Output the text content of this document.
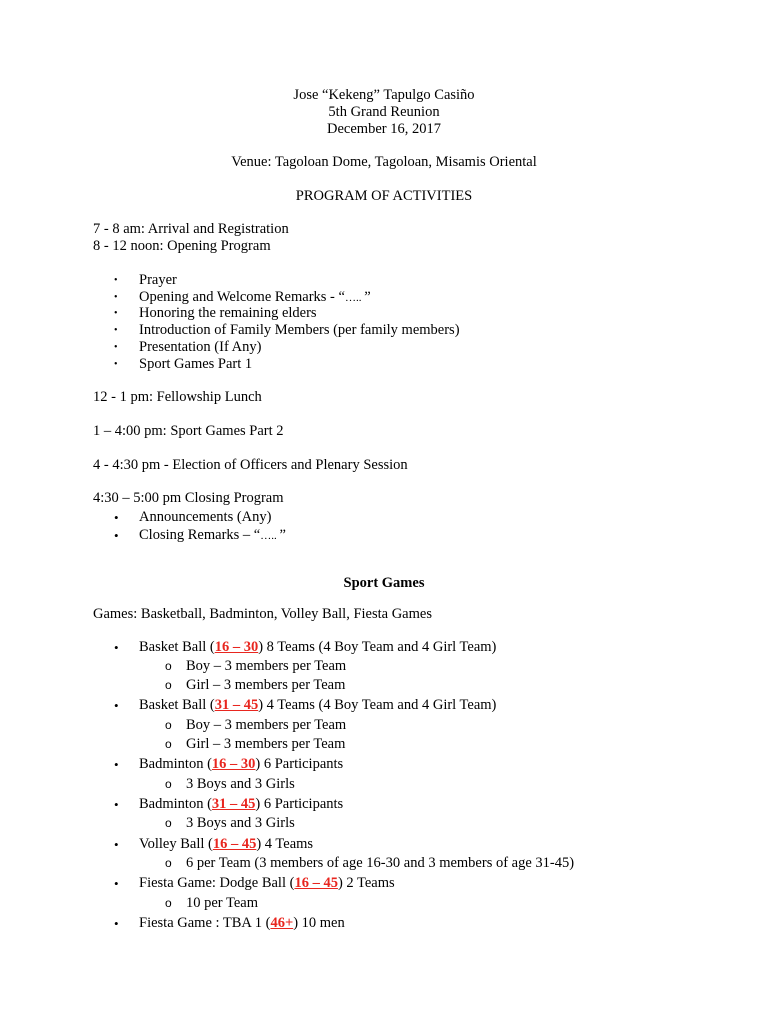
Jose “Kekeng” Tapulgo Casiño
5th Grand Reunion
December 16, 2017
Venue: Tagoloan Dome, Tagoloan, Misamis Oriental
PROGRAM OF ACTIVITIES
7 - 8 am: Arrival and Registration
8 - 12 noon: Opening Program
• Prayer
• Opening and Welcome Remarks - “….. ”
• Honoring the remaining elders
• Introduction of Family Members (per family members)
• Presentation (If Any)
• Sport Games Part 1
12 - 1 pm: Fellowship Lunch
1 – 4:00 pm: Sport Games Part 2
4 - 4:30 pm - Election of Officers and Plenary Session
4:30 – 5:00 pm Closing Program
• Announcements (Any)
• Closing Remarks – “….. ”
Sport Games
Games: Basketball, Badminton, Volley Ball, Fiesta Games
• Basket Ball (16 – 30) 8 Teams (4 Boy Team and 4 Girl Team)
o Boy – 3 members per Team
o Girl – 3 members per Team
• Basket Ball (31 – 45) 4 Teams (4 Boy Team and 4 Girl Team)
o Boy – 3 members per Team
o Girl – 3 members per Team
• Badminton (16 – 30) 6 Participants
o 3 Boys and 3 Girls
• Badminton (31 – 45) 6 Participants
o 3 Boys and 3 Girls
• Volley Ball (16 – 45) 4 Teams
o 6 per Team (3 members of age 16-30 and 3 members of age 31-45)
• Fiesta Game: Dodge Ball (16 – 45) 2 Teams
o 10 per Team
• Fiesta Game : TBA 1 (46+) 10 men
